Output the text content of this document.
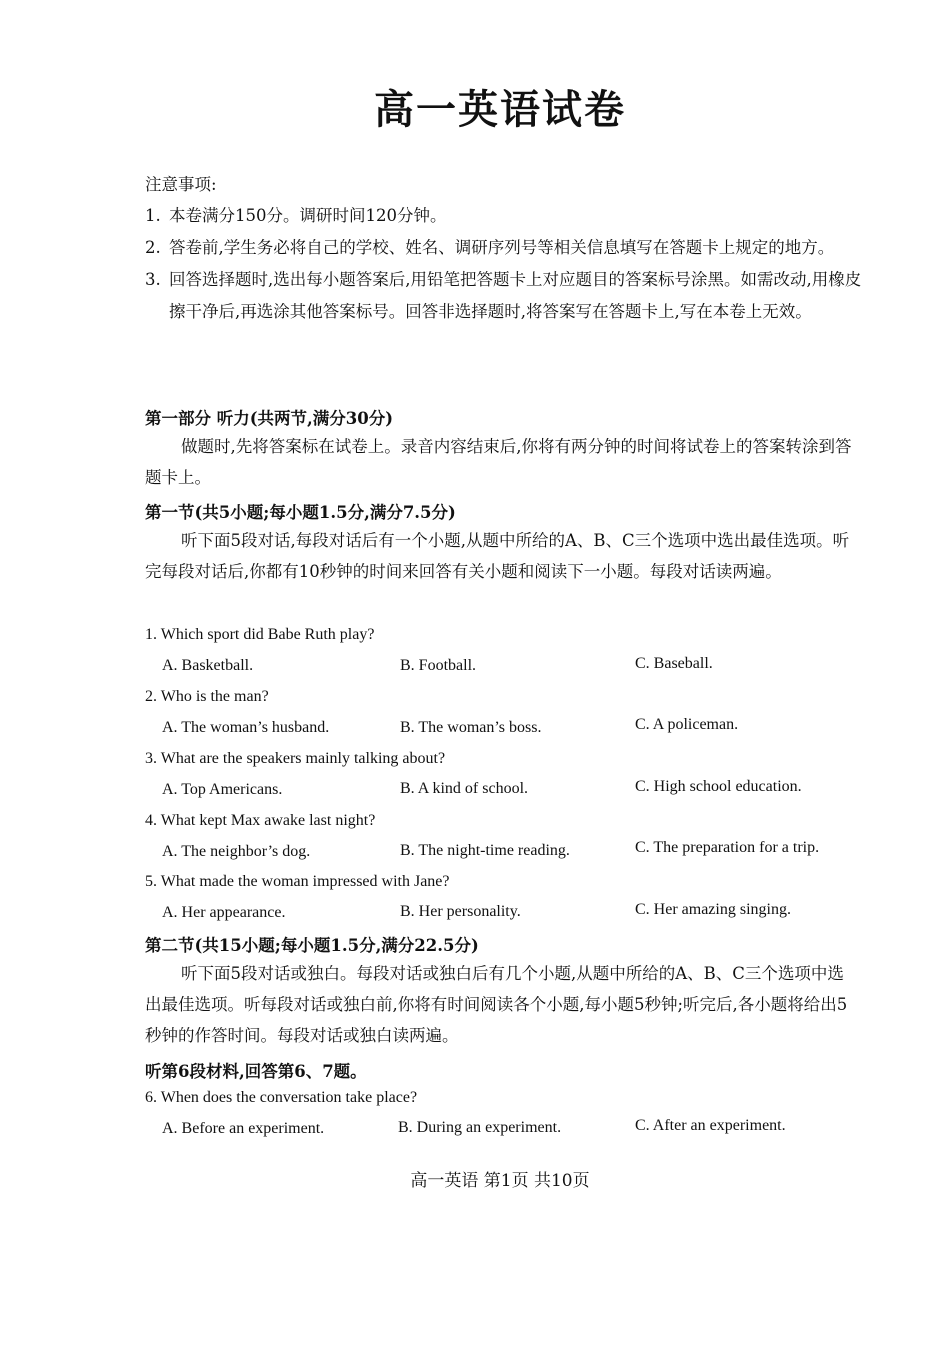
高一英语试卷
注意事项:
1. 本卷满分150分。调研时间120分钟。
2. 答卷前,学生务必将自己的学校、姓名、调研序列号等相关信息填写在答题卡上规定的地方。
3. 回答选择题时,选出每小题答案后,用铅笔把答题卡上对应题目的答案标号涂黑。如需改动,用橡皮擦干净后,再选涂其他答案标号。回答非选择题时,将答案写在答题卡上,写在本卷上无效。
第一部分 听力(共两节,满分30分)
做题时,先将答案标在试卷上。录音内容结束后,你将有两分钟的时间将试卷上的答案转涂到答题卡上。
第一节(共5小题;每小题1.5分,满分7.5分)
听下面5段对话,每段对话后有一个小题,从题中所给的A、B、C三个选项中选出最佳选项。听完每段对话后,你都有10秒钟的时间来回答有关小题和阅读下一小题。每段对话读两遍。
1. Which sport did Babe Ruth play?
A. Basketball.	B. Football.	C. Baseball.
2. Who is the man?
A. The woman’s husband.	B. The woman’s boss.	C. A policeman.
3. What are the speakers mainly talking about?
A. Top Americans.	B. A kind of school.	C. High school education.
4. What kept Max awake last night?
A. The neighbor’s dog.	B. The night-time reading.	C. The preparation for a trip.
5. What made the woman impressed with Jane?
A. Her appearance.	B. Her personality.	C. Her amazing singing.
第二节(共15小题;每小题1.5分,满分22.5分)
听下面5段对话或独白。每段对话或独白后有几个小题,从题中所给的A、B、C三个选项中选出最佳选项。听每段对话或独白前,你将有时间阅读各个小题,每小题5秒钟;听完后,各小题将给出5秒钟的作答时间。每段对话或独白读两遍。
听第6段材料,回答第6、7题。
6. When does the conversation take place?
A. Before an experiment.	B. During an experiment.	C. After an experiment.
高一英语 第1页 共10页
